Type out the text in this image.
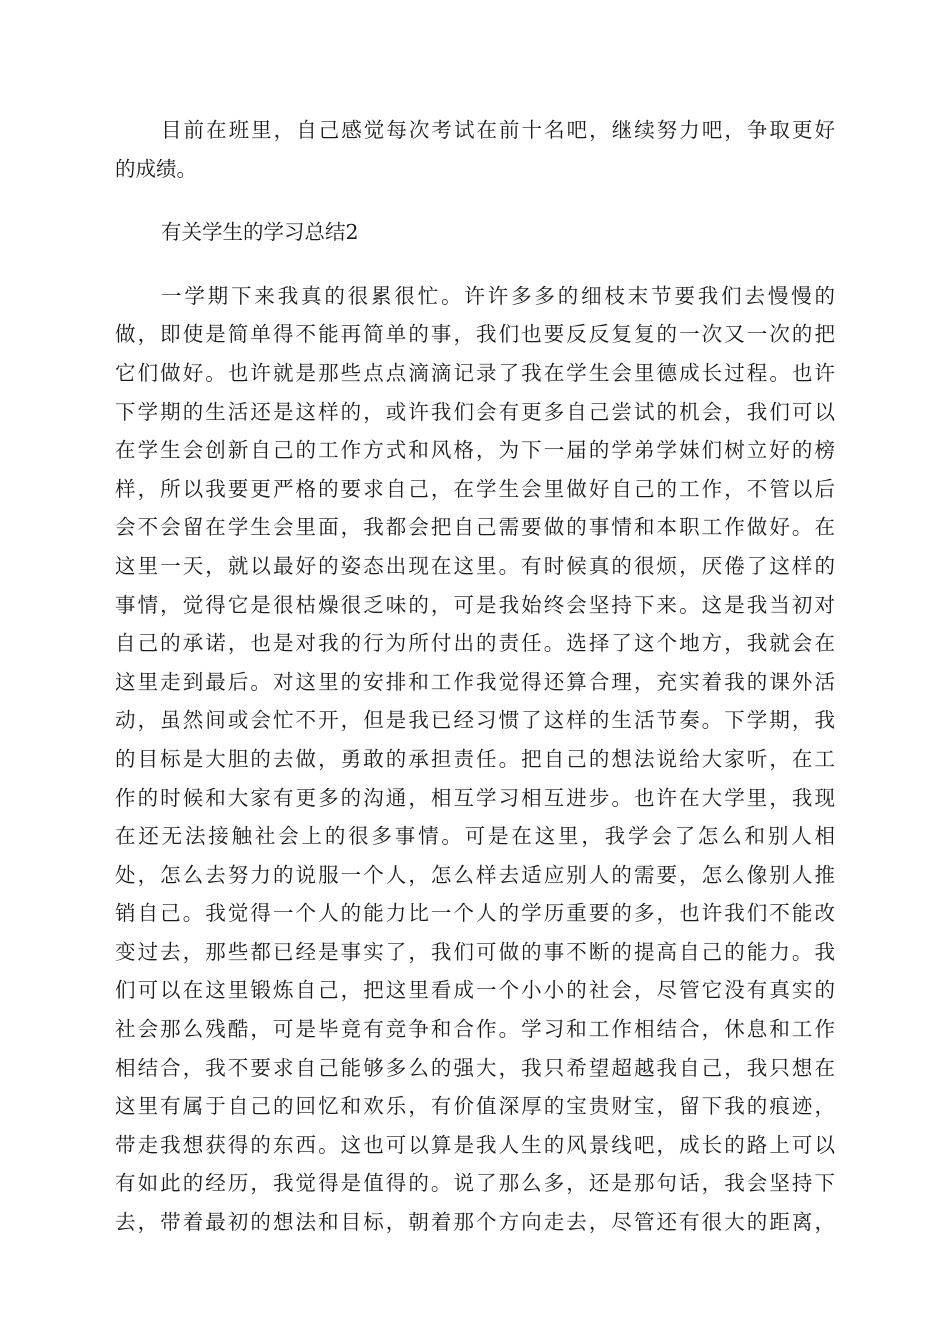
目前在班里，自己感觉每次考试在前十名吧，继续努力吧，争取更好
的成绩。
有关学生的学习总结2
一学期下来我真的很累很忙。许许多多的细枝末节要我们去慢慢的
做，即使是简单得不能再简单的事，我们也要反反复复的一次又一次的把
它们做好。也许就是那些点点滴滴记录了我在学生会里德成长过程。也许
下学期的生活还是这样的，或许我们会有更多自己尝试的机会，我们可以
在学生会创新自己的工作方式和风格，为下一届的学弟学妹们树立好的榜
样，所以我要更严格的要求自己，在学生会里做好自己的工作，不管以后
会不会留在学生会里面，我都会把自己需要做的事情和本职工作做好。在
这里一天，就以最好的姿态出现在这里。有时候真的很烦，厌倦了这样的
事情，觉得它是很枯燥很乏味的，可是我始终会坚持下来。这是我当初对
自己的承诺，也是对我的行为所付出的责任。选择了这个地方，我就会在
这里走到最后。对这里的安排和工作我觉得还算合理，充实着我的课外活
动，虽然间或会忙不开，但是我已经习惯了这样的生活节奏。下学期，我
的目标是大胆的去做，勇敢的承担责任。把自己的想法说给大家听，在工
作的时候和大家有更多的沟通，相互学习相互进步。也许在大学里，我现
在还无法接触社会上的很多事情。可是在这里，我学会了怎么和别人相
处，怎么去努力的说服一个人，怎么样去适应别人的需要，怎么像别人推
销自己。我觉得一个人的能力比一个人的学历重要的多，也许我们不能改
变过去，那些都已经是事实了，我们可做的事不断的提高自己的能力。我
们可以在这里锻炼自己，把这里看成一个小小的社会，尽管它没有真实的
社会那么残酷，可是毕竟有竞争和合作。学习和工作相结合，休息和工作
相结合，我不要求自己能够多么的强大，我只希望超越我自己，我只想在
这里有属于自己的回忆和欢乐，有价值深厚的宝贵财宝，留下我的痕迹，
带走我想获得的东西。这也可以算是我人生的风景线吧，成长的路上可以
有如此的经历，我觉得是值得的。说了那么多，还是那句话，我会坚持下
去，带着最初的想法和目标，朝着那个方向走去，尽管还有很大的距离，
